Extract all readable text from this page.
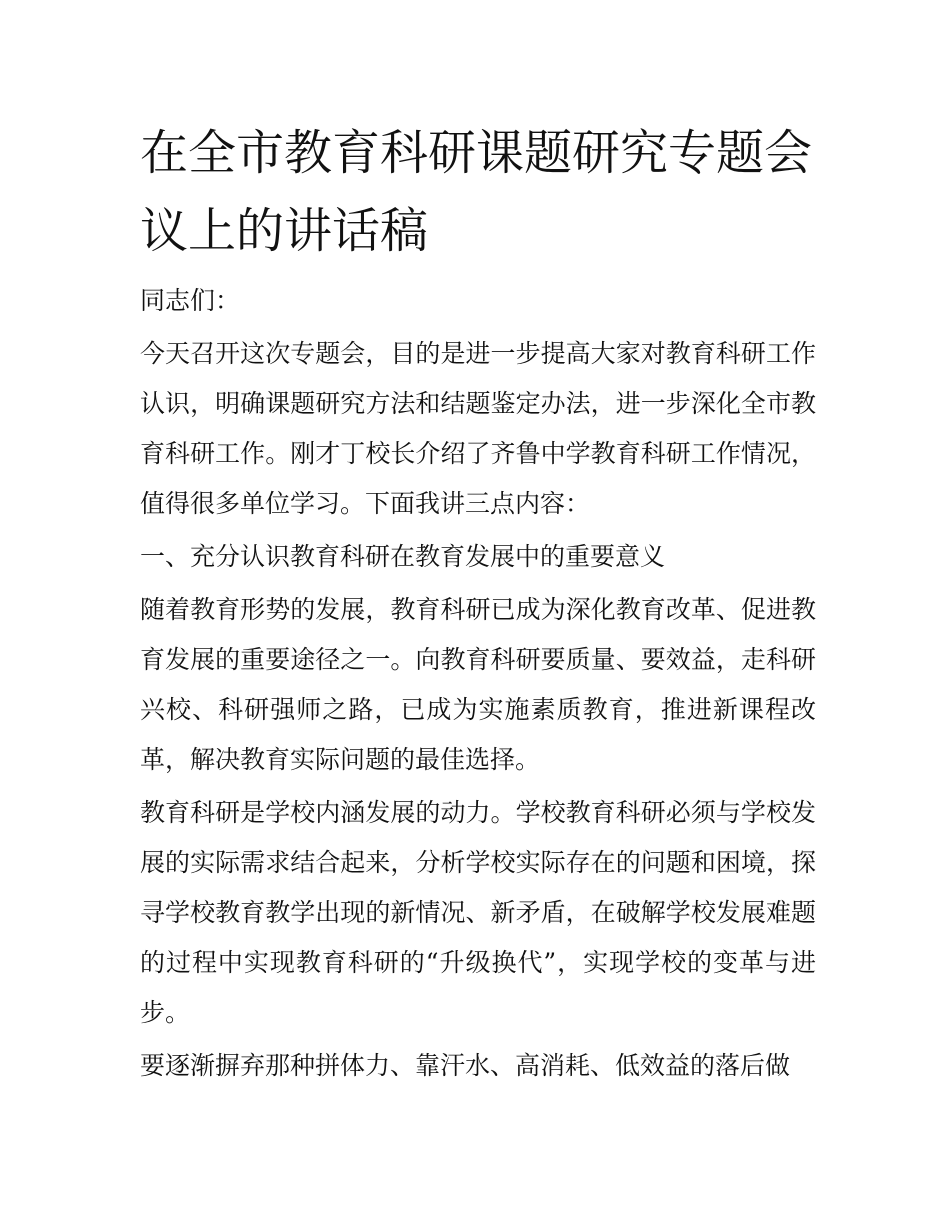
在全市教育科研课题研究专题会议上的讲话稿

同志们：

今天召开这次专题会，目的是进一步提高大家对教育科研工作认识，明确课题研究方法和结题鉴定办法，进一步深化全市教育科研工作。刚才丁校长介绍了齐鲁中学教育科研工作情况，值得很多单位学习。下面我讲三点内容：

一、充分认识教育科研在教育发展中的重要意义

随着教育形势的发展，教育科研已成为深化教育改革、促进教育发展的重要途径之一。向教育科研要质量、要效益，走科研兴校、科研强师之路，已成为实施素质教育，推进新课程改革，解决教育实际问题的最佳选择。

教育科研是学校内涵发展的动力。学校教育科研必须与学校发展的实际需求结合起来，分析学校实际存在的问题和困境，探寻学校教育教学出现的新情况、新矛盾，在破解学校发展难题的过程中实现教育科研的“升级换代”，实现学校的变革与进步。

要逐渐摒弃那种拼体力、靠汗水、高消耗、低效益的落后做
